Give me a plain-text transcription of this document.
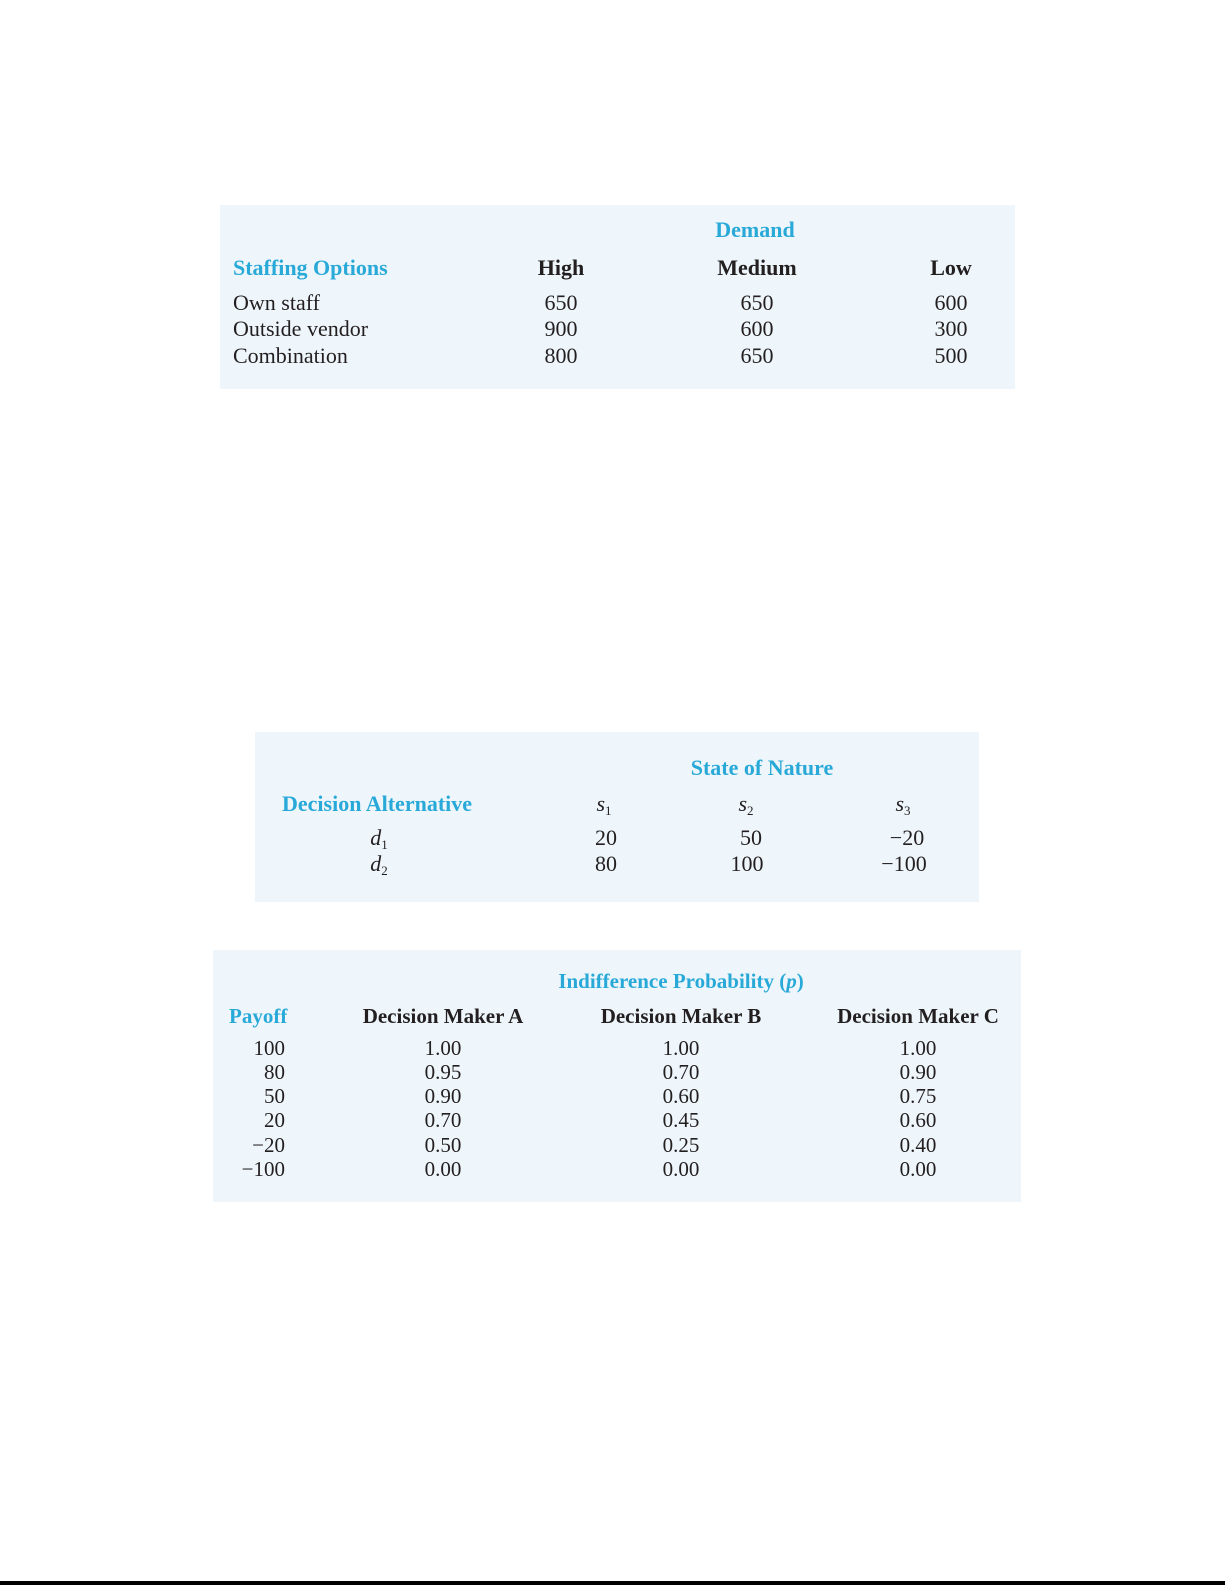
Demand
Staffing Options	High	Medium	Low
Own staff	650	650	600
Outside vendor	900	600	300
Combination	800	650	500
State of Nature
Decision Alternative	$s_1$	$s_2$	$s_3$
$d_1$	20	50	−20
$d_2$	80	100	−100
Indifference Probability (p)
Payoff	Decision Maker A	Decision Maker B	Decision Maker C
100	1.00	1.00	1.00
80	0.95	0.70	0.90
50	0.90	0.60	0.75
20	0.70	0.45	0.60
−20	0.50	0.25	0.40
−100	0.00	0.00	0.00
